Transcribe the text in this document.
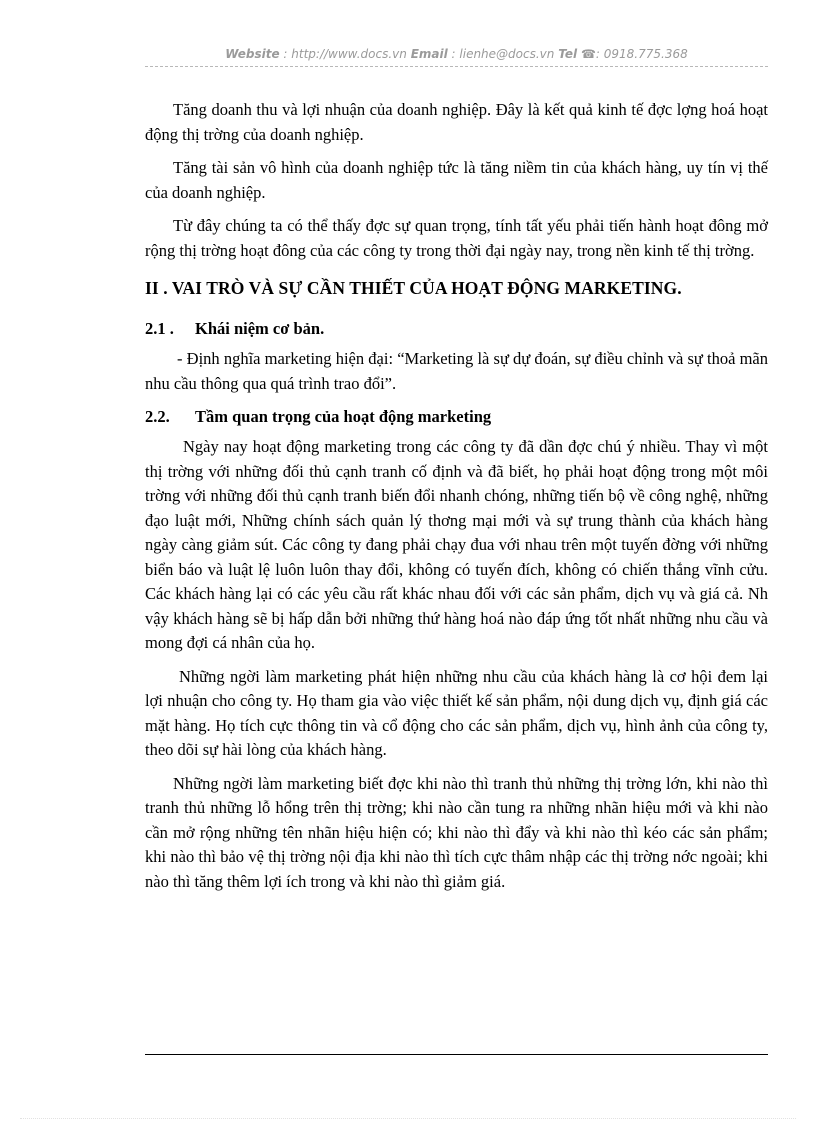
Website : http://www.docs.vn Email : lienhe@docs.vn Tel ☎: 0918.775.368

Tăng doanh thu và lợi nhuận của doanh nghiệp. Đây là kết quả kinh tế đợc lợng hoá hoạt động thị trờng của doanh nghiệp.

Tăng tài sản vô hình của doanh nghiệp tức là tăng niềm tin của khách hàng, uy tín vị thế của doanh nghiệp.

Từ đây chúng ta có thể thấy đợc sự quan trọng, tính tất yếu phải tiến hành hoạt đông mở rộng thị trờng hoạt đông của các công ty trong thời đại ngày nay, trong nền kinh tế thị trờng.

II . VAI TRÒ VÀ SỰ CẦN THIẾT CỦA HOẠT ĐỘNG MARKETING.
2.1 . Khái niệm cơ bản.

- Định nghĩa marketing hiện đại: “Marketing là sự dự đoán, sự điều chỉnh và sự thoả mãn nhu cầu thông qua quá trình trao đổi”.

2.2. Tầm quan trọng của hoạt động marketing

Ngày nay hoạt động marketing trong các công ty đã dần đợc chú ý nhiều. Thay vì một thị trờng với những đối thủ cạnh tranh cố định và đã biết, họ phải hoạt động trong một môi trờng với những đối thủ cạnh tranh biến đổi nhanh chóng, những tiến bộ về công nghệ, những đạo luật mới, Những chính sách quản lý thơng mại mới và sự trung thành của khách hàng ngày càng giảm sút. Các công ty đang phải chạy đua với nhau trên một tuyến đờng với những biển báo và luật lệ luôn luôn thay đổi, không có tuyến đích, không có chiến thắng vĩnh cửu. Các khách hàng lại có các yêu cầu rất khác nhau đối với các sản phẩm, dịch vụ và giá cả. Nh vậy khách hàng sẽ bị hấp dẫn bởi những thứ hàng hoá nào đáp ứng tốt nhất những nhu cầu và mong đợi cá nhân của họ.

Những ngời làm marketing phát hiện những nhu cầu của khách hàng là cơ hội đem lại lợi nhuận cho công ty. Họ tham gia vào việc thiết kế sản phẩm, nội dung dịch vụ, định giá các mặt hàng. Họ tích cực thông tin và cổ động cho các sản phẩm, dịch vụ, hình ảnh của công ty, theo dõi sự hài lòng của khách hàng.

Những ngời làm marketing biết đợc khi nào thì tranh thủ những thị trờng lớn, khi nào thì tranh thủ những lỗ hổng trên thị trờng; khi nào cần tung ra những nhãn hiệu mới và khi nào cần mở rộng những tên nhãn hiệu hiện có; khi nào thì đẩy và khi nào thì kéo các sản phẩm; khi nào thì bảo vệ thị trờng nội địa khi nào thì tích cực thâm nhập các thị trờng nớc ngoài; khi nào thì tăng thêm lợi ích trong và khi nào thì giảm giá.
